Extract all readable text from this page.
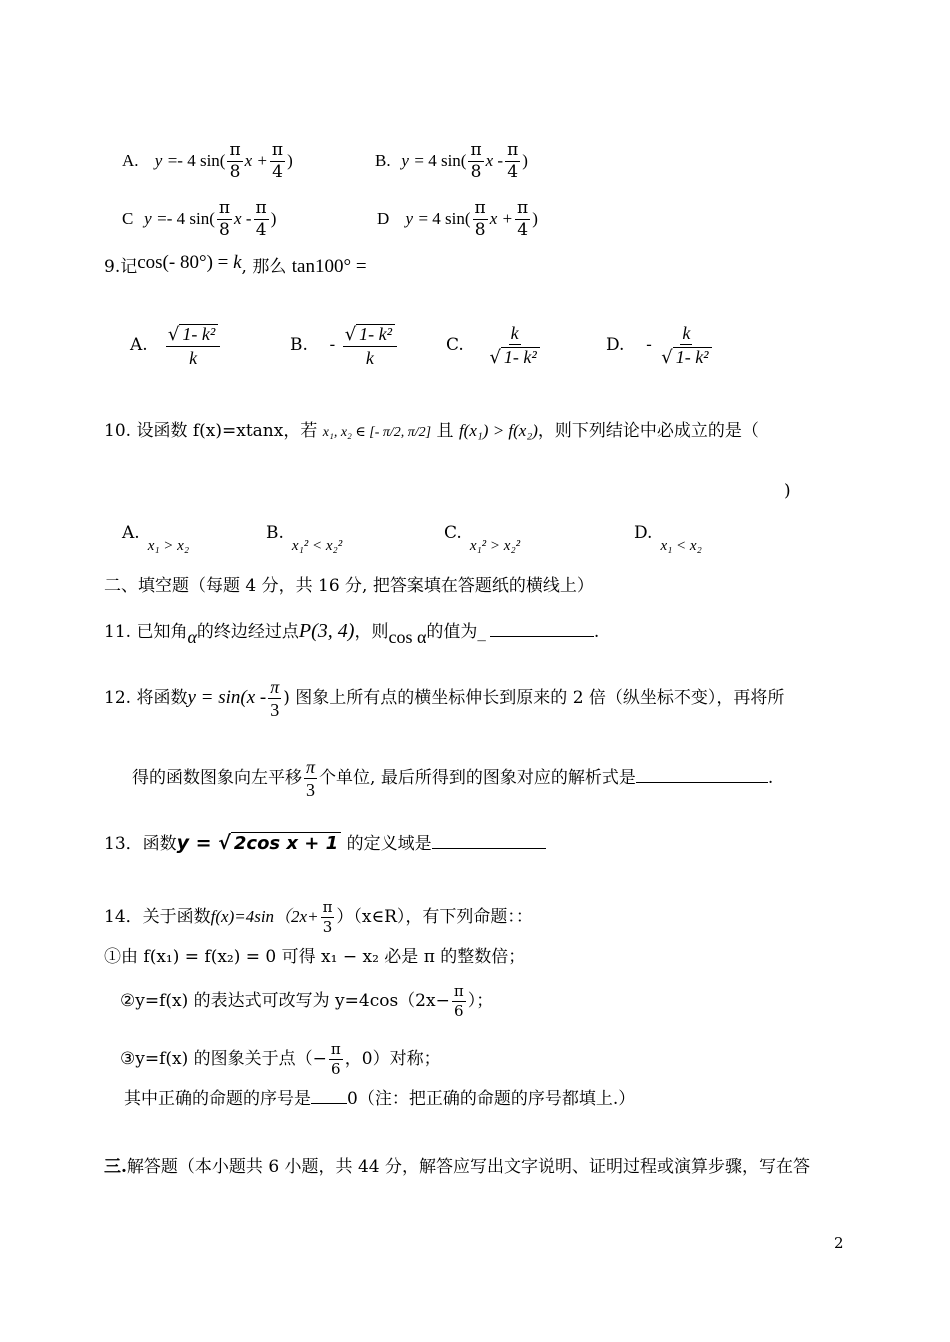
A. y =- 4 $\sin( \frac{\pi}{8}$ $x + \frac{\pi}{4}$ )	B. y = 4 $\sin( \frac{\pi}{8}$ x - $\frac{\pi}{4}$ )
C y =- 4 $\sin( \frac{\pi}{8}$ x - $\frac{\pi}{4}$ )	D y = 4 $\sin( \frac{\pi}{8}$ $x + \frac{\pi}{4}$ )
9.记cos(- 80°) = k, 那么 tan100° =
A. $\frac{\text{√ 1- k²}}{k}$	B. - $\frac{\text{√ 1- k²}}{k}$	C. $\frac{k}{\text{√ 1- k²}}$	D. - $\frac{k}{\text{√ 1- k²}}$
10. 设函数 f(x)=xtanx，若 x₁, x₂ ∈ [- π/2, π/2] 且 f(x₁) > f(x₂)，则下列结论中必成立的是（
)
A.x₁ > x₂
B.x₁² < x₂²
C.x₁² > x₂²
D.x₁ < x₂
二、填空题（每题 4 分，共 16 分, 把答案填在答题纸的横线上）
11. 已知角α的终边经过点P(3, 4)，则cos α的值为_	.
12. 将函数$y = \sin(x - \frac{\pi}{3}$ ) 图象上所有点的横坐标伸长到原来的 2 倍（纵坐标不变），再将所
得的函数图象向左平移 $\frac{\pi}{3}$ 个单位, 最后所得到的图象对应的解析式是	.
13．函数y = √ 2cos x + 1 的定义域是
14．关于函数$f(x)=4\sin(2x+ \frac{\pi}{3}$ ）（x∈R），有下列命题：：
①由 f(x₁) = f(x₂) = 0 可得 x₁ − x₂ 必是 π 的整数倍；
②y=f(x) 的表达式可改写为 $y=4\cos(2x- \frac{\pi}{6}$ ）；
③y=f(x) 的图象关于点（− $\frac{\pi}{6}$ ，0）对称；
其中正确的命题的序号是 0（注：把正确的命题的序号都填上.）
三.解答题（本小题共 6 小题，共 44 分，解答应写出文字说明、证明过程或演算步骤，写在答
2
